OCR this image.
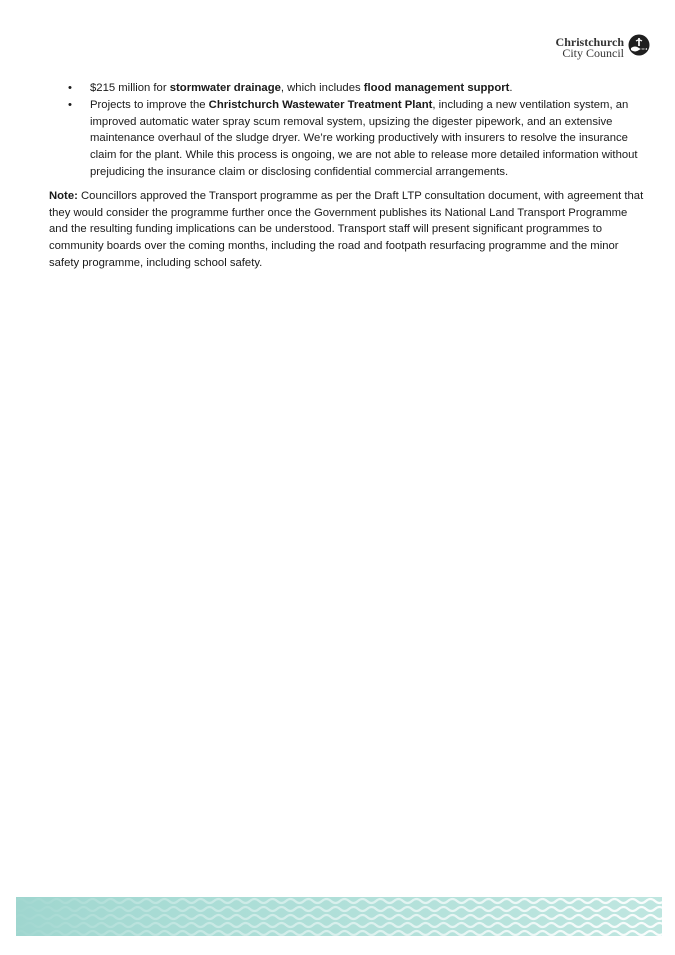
Christchurch
City Council
• $215 million for stormwater drainage, which includes flood management support.
• Projects to improve the Christchurch Wastewater Treatment Plant, including a new ventilation system, an improved automatic water spray scum removal system, upsizing the digester pipework, and an extensive maintenance overhaul of the sludge dryer. We’re working productively with insurers to resolve the insurance claim for the plant. While this process is ongoing, we are not able to release more detailed information without prejudicing the insurance claim or disclosing confidential commercial arrangements.

Note: Councillors approved the Transport programme as per the Draft LTP consultation document, with agreement that they would consider the programme further once the Government publishes its National Land Transport Programme and the resulting funding implications can be understood. Transport staff will present significant programmes to community boards over the coming months, including the road and footpath resurfacing programme and the minor safety programme, including school safety.
